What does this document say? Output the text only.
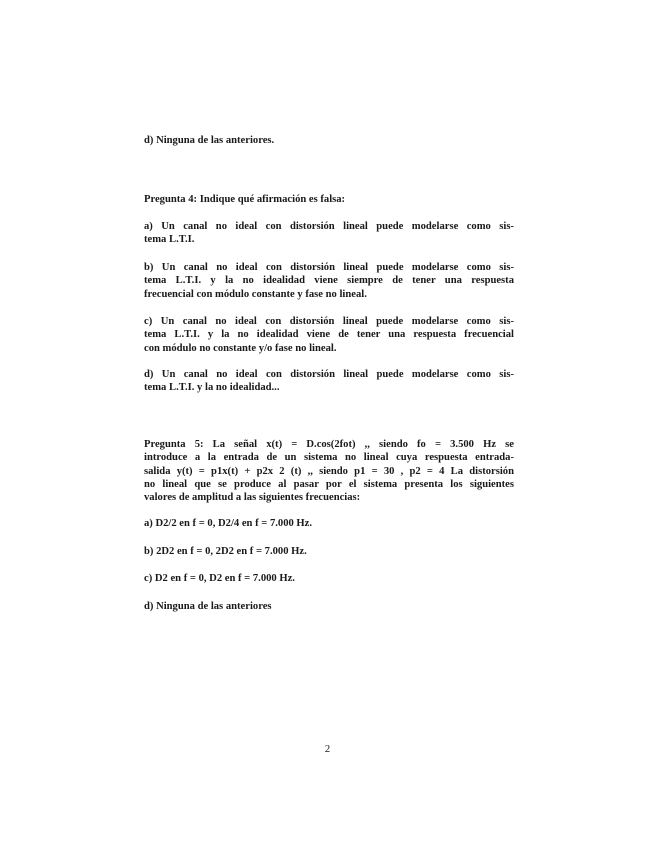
d) Ninguna de las anteriores.
Pregunta 4: Indique qué afirmación es falsa:
a) Un canal no ideal con distorsión lineal puede modelarse como sis-
tema L.T.I.
b) Un canal no ideal con distorsión lineal puede modelarse como sis-
tema L.T.I. y la no idealidad viene siempre de tener una respuesta
frecuencial con módulo constante y fase no lineal.
c) Un canal no ideal con distorsión lineal puede modelarse como sis-
tema L.T.I. y la no idealidad viene de tener una respuesta frecuencial
con módulo no constante y/o fase no lineal.
d) Un canal no ideal con distorsión lineal puede modelarse como sis-
tema L.T.I. y la no idealidad...
Pregunta 5: La señal x(t) = D.cos(2fot) ,, siendo fo = 3.500 Hz se
introduce a la entrada de un sistema no lineal cuya respuesta entrada-
salida y(t) = p1x(t) + p2x 2 (t) ,, siendo p1 = 30 , p2 = 4 La distorsión
no lineal que se produce al pasar por el sistema presenta los siguientes
valores de amplitud a las siguientes frecuencias:
a) D2/2 en f = 0, D2/4 en f = 7.000 Hz.
b) 2D2 en f = 0, 2D2 en f = 7.000 Hz.
c) D2 en f = 0, D2 en f = 7.000 Hz.
d) Ninguna de las anteriores
2
